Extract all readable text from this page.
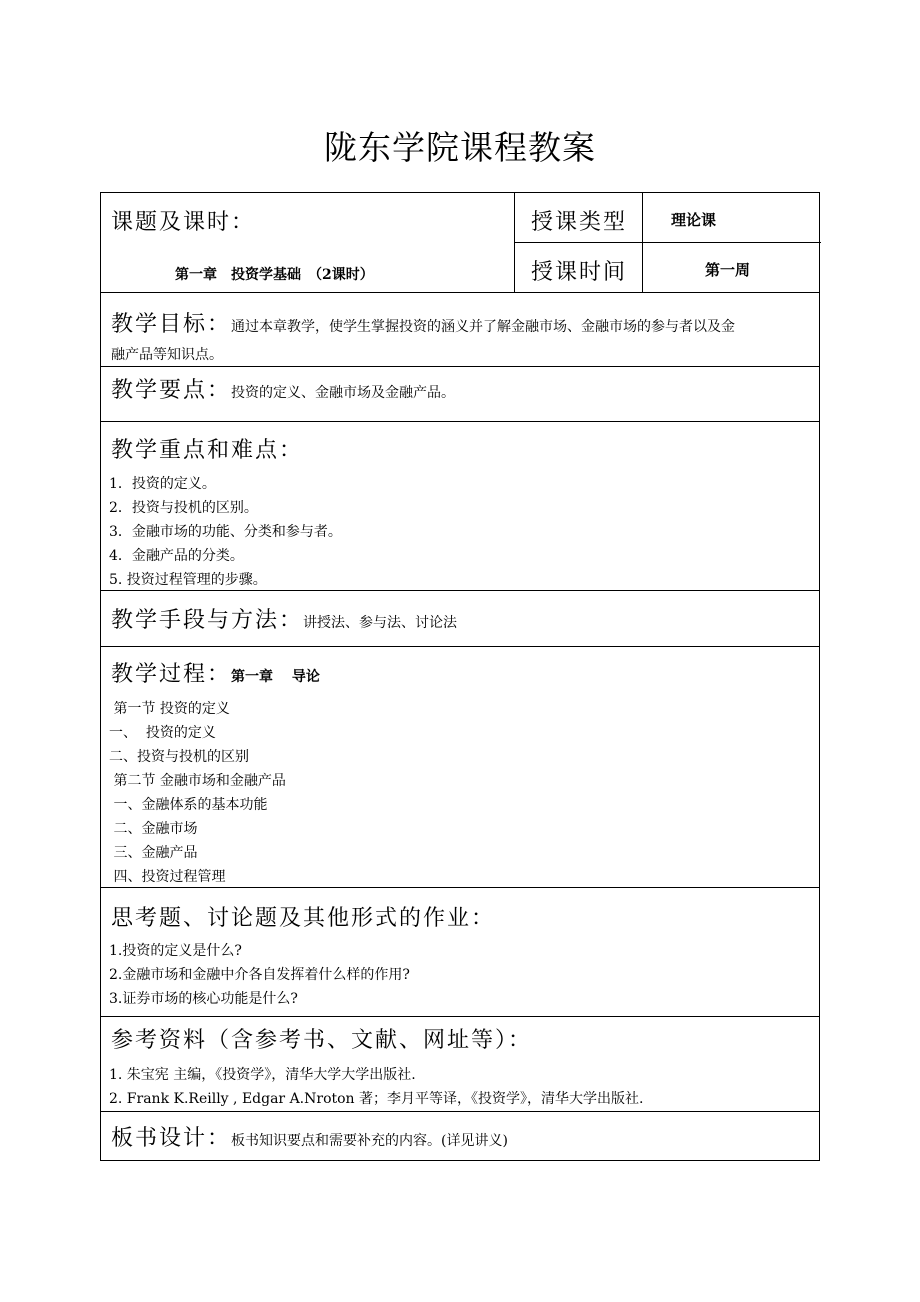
陇东学院课程教案
课题及课时：
第一章　投资学基础　（2课时）
授课类型	理论课
授课时间	第一周
教学目标：通过本章教学，使学生掌握投资的涵义并了解金融市场、金融市场的参与者以及金
融产品等知识点。
教学要点：投资的定义、金融市场及金融产品。
教学重点和难点：
1．投资的定义。
2．投资与投机的区别。
3．金融市场的功能、分类和参与者。
4．金融产品的分类。
5. 投资过程管理的步骤。
教学手段与方法：讲授法、参与法、讨论法
教学过程：第一章　 导论
第一节 投资的定义
一、  投资的定义
二、投资与投机的区别
第二节 金融市场和金融产品
一、金融体系的基本功能
二、金融市场
三、金融产品
四、投资过程管理
思考题、讨论题及其他形式的作业：
1.投资的定义是什么?
2.金融市场和金融中介各自发挥着什么样的作用?
3.证券市场的核心功能是什么?
参考资料（含参考书、文献、网址等）：
1. 朱宝宪 主编，《投资学》，清华大学大学出版社.
2. Frank K.Reilly , Edgar A.Nroton 著；李月平等译，《投资学》，清华大学出版社.
板书设计：板书知识要点和需要补充的内容。(详见讲义)
